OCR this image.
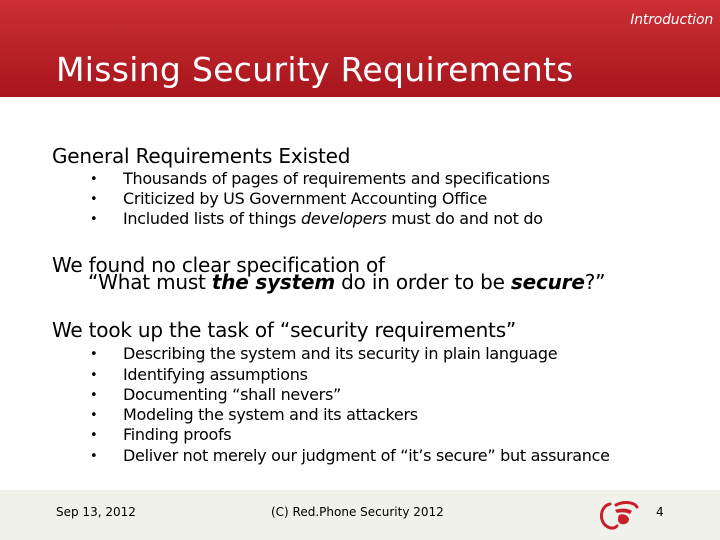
Introduction
Missing Security Requirements
General Requirements Existed
• Thousands of pages of requirements and specifications
• Criticized by US Government Accounting Office
• Included lists of things developers must do and not do
We found no clear specification of
“What must the system do in order to be secure?”
We took up the task of “security requirements”
• Describing the system and its security in plain language
• Identifying assumptions
• Documenting “shall nevers”
• Modeling the system and its attackers
• Finding proofs
• Deliver not merely our judgment of “it’s secure” but assurance
Sep 13, 2012	(C) Red.Phone Security 2012	4
